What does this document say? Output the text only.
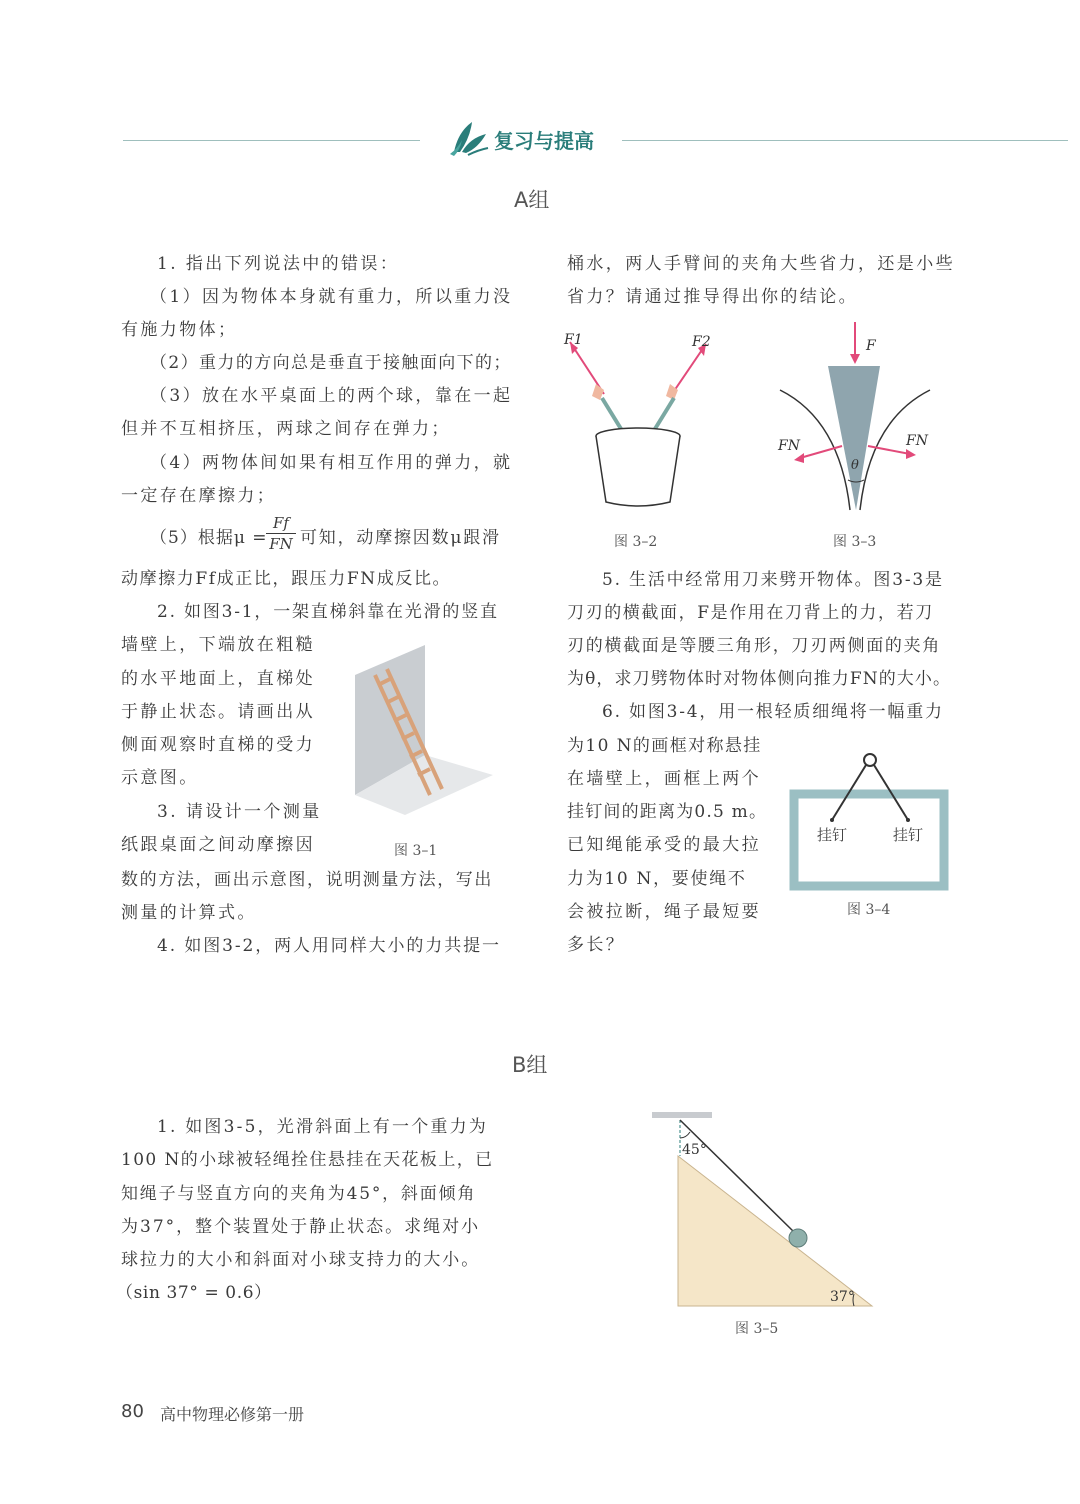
复习与提高
A组
1. 指出下列说法中的错误：
（1）因为物体本身就有重力，所以重力没
有施力物体；
（2）重力的方向总是垂直于接触面向下的；
（3）放在水平桌面上的两个球，靠在一起
但并不互相挤压，两球之间存在弹力；
（4）两物体间如果有相互作用的弹力，就
一定存在摩擦力；
（5）根据μ =
$\frac{Ff}{FN}$ 可知，动摩擦因数μ跟滑
动摩擦力Ff成正比，跟压力FN成反比。
2. 如图3-1，一架直梯斜靠在光滑的竖直
墙壁上，下端放在粗糙
的水平地面上，直梯处
于静止状态。请画出从
侧面观察时直梯的受力
示意图。
3. 请设计一个测量
纸跟桌面之间动摩擦因
数的方法，画出示意图，说明测量方法，写出
测量的计算式。
4. 如图3-2，两人用同样大小的力共提一
图 3–1
桶水，两人手臂间的夹角大些省力，还是小些
省力？请通过推导得出你的结论。
F1	F2
图 3–2
F
FN	FN
θ
图 3–3
5. 生活中经常用刀来劈开物体。图3-3是
刀刃的横截面，F是作用在刀背上的力，若刀
刃的横截面是等腰三角形，刀刃两侧面的夹角
为θ，求刀劈物体时对物体侧向推力FN的大小。
6. 如图3-4，用一根轻质细绳将一幅重力
为10 N的画框对称悬挂
在墙壁上，画框上两个
挂钉间的距离为0.5 m。
已知绳能承受的最大拉
力为10 N，要使绳不
会被拉断，绳子最短要
多长？
挂钉	挂钉
图 3–4
B组
1. 如图3-5，光滑斜面上有一个重力为
100 N的小球被轻绳拴住悬挂在天花板上，已
知绳子与竖直方向的夹角为45°，斜面倾角
为37°，整个装置处于静止状态。求绳对小
球拉力的大小和斜面对小球支持力的大小。
（sin 37° = 0.6）
45°
37°
图 3–5
80 高中物理必修第一册
